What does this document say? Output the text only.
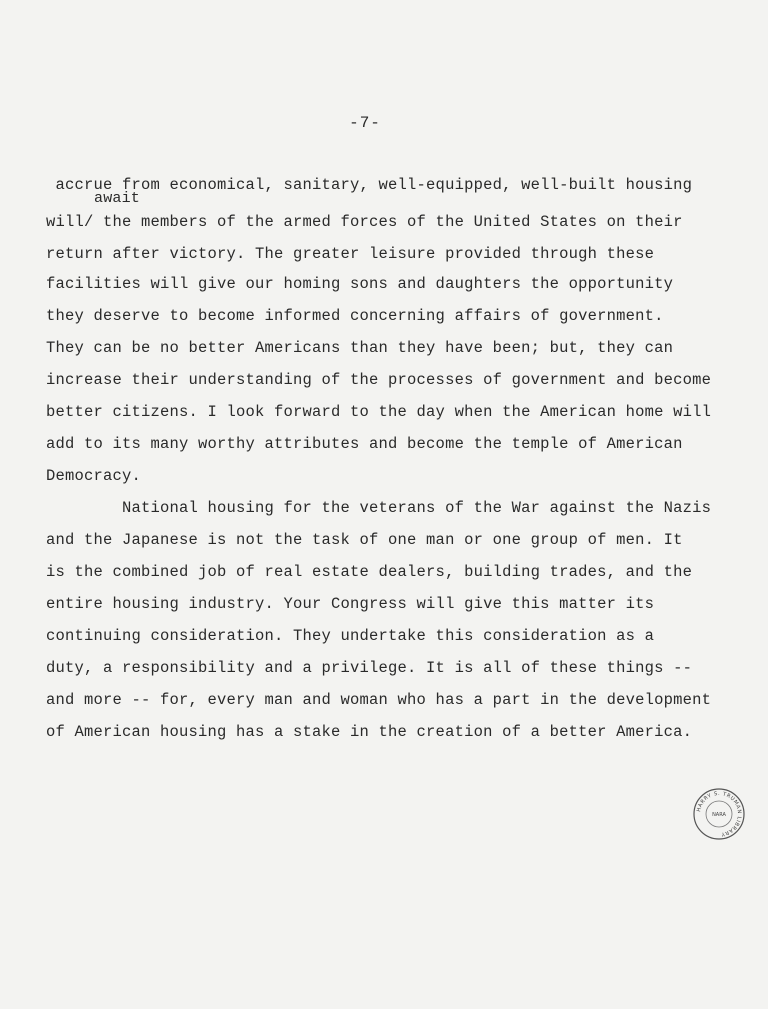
-7-
await
accrue from economical, sanitary, well-equipped, well-built housing
will/ the members of the armed forces of the United States on their
return after victory. The greater leisure provided through these
facilities will give our homing sons and daughters the opportunity
they deserve to become informed concerning affairs of government.
They can be no better Americans than they have been; but, they can
increase their understanding of the processes of government and become
better citizens. I look forward to the day when the American home will
add to its many worthy attributes and become the temple of American
Democracy.
National housing for the veterans of the War against the Nazis
and the Japanese is not the task of one man or one group of men. It
is the combined job of real estate dealers, building trades, and the
entire housing industry. Your Congress will give this matter its
continuing consideration. They undertake this consideration as a
duty, a responsibility and a privilege. It is all of these things --
and more -- for, every man and woman who has a part in the development
of American housing has a stake in the creation of a better America.
HARRY S. TRUMAN LIBRARY
NARA
